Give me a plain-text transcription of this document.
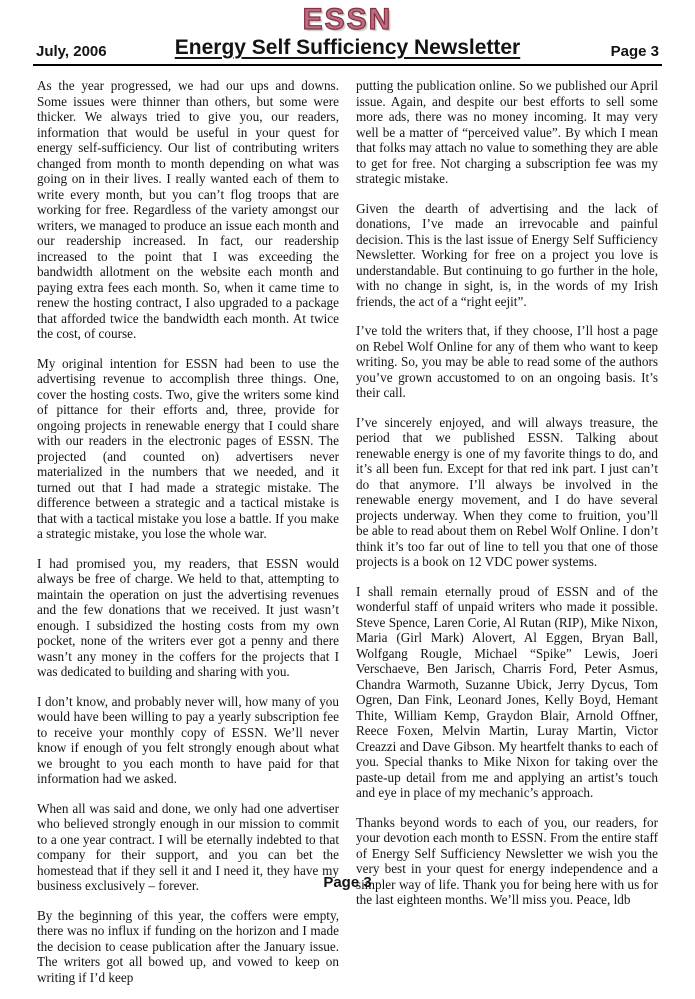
ESSN
July, 2006	Energy Self Sufficiency Newsletter	Page 3

As the year progressed, we had our ups and downs. Some issues were thinner than others, but some were thicker. We always tried to give you, our readers, information that would be useful in your quest for energy self-sufficiency. Our list of contributing writers changed from month to month depending on what was going on in their lives. I really wanted each of them to write every month, but you can’t flog troops that are working for free. Regardless of the variety amongst our writers, we managed to produce an issue each month and our readership increased. In fact, our readership increased to the point that I was exceeding the bandwidth allotment on the website each month and paying extra fees each month. So, when it came time to renew the hosting contract, I also upgraded to a package that afforded twice the bandwidth each month. At twice the cost, of course.

My original intention for ESSN had been to use the advertising revenue to accomplish three things. One, cover the hosting costs. Two, give the writers some kind of pittance for their efforts and, three, provide for ongoing projects in renewable energy that I could share with our readers in the electronic pages of ESSN. The projected (and counted on) advertisers never materialized in the numbers that we needed, and it turned out that I had made a strategic mistake. The difference between a strategic and a tactical mistake is that with a tactical mistake you lose a battle. If you make a strategic mistake, you lose the whole war.

I had promised you, my readers, that ESSN would always be free of charge. We held to that, attempting to maintain the operation on just the advertising revenues and the few donations that we received. It just wasn’t enough. I subsidized the hosting costs from my own pocket, none of the writers ever got a penny and there wasn’t any money in the coffers for the projects that I was dedicated to building and sharing with you.

I don’t know, and probably never will, how many of you would have been willing to pay a yearly subscription fee to receive your monthly copy of ESSN. We’ll never know if enough of you felt strongly enough about what we brought to you each month to have paid for that information had we asked.

When all was said and done, we only had one advertiser who believed strongly enough in our mission to commit to a one year contract. I will be eternally indebted to that company for their support, and you can bet the homestead that if they sell it and I need it, they have my business exclusively – forever.

By the beginning of this year, the coffers were empty, there was no influx if funding on the horizon and I made the decision to cease publication after the January issue. The writers got all bowed up, and vowed to keep on writing if I’d keep

putting the publication online. So we published our April issue. Again, and despite our best efforts to sell some more ads, there was no money incoming. It may very well be a matter of “perceived value”. By which I mean that folks may attach no value to something they are able to get for free. Not charging a subscription fee was my strategic mistake.

Given the dearth of advertising and the lack of donations, I’ve made an irrevocable and painful decision. This is the last issue of Energy Self Sufficiency Newsletter. Working for free on a project you love is understandable. But continuing to go further in the hole, with no change in sight, is, in the words of my Irish friends, the act of a “right eejit”.

I’ve told the writers that, if they choose, I’ll host a page on Rebel Wolf Online for any of them who want to keep writing. So, you may be able to read some of the authors you’ve grown accustomed to on an ongoing basis. It’s their call.

I’ve sincerely enjoyed, and will always treasure, the period that we published ESSN. Talking about renewable energy is one of my favorite things to do, and it’s all been fun. Except for that red ink part. I just can’t do that anymore. I’ll always be involved in the renewable energy movement, and I do have several projects underway. When they come to fruition, you’ll be able to read about them on Rebel Wolf Online. I don’t think it’s too far out of line to tell you that one of those projects is a book on 12 VDC power systems.

I shall remain eternally proud of ESSN and of the wonderful staff of unpaid writers who made it possible. Steve Spence, Laren Corie, Al Rutan (RIP), Mike Nixon, Maria (Girl Mark) Alovert, Al Eggen, Bryan Ball, Wolfgang Rougle, Michael “Spike” Lewis, Joeri Verschaeve, Ben Jarisch, Charris Ford, Peter Asmus, Chandra Warmoth, Suzanne Ubick, Jerry Dycus, Tom Ogren, Dan Fink, Leonard Jones, Kelly Boyd, Hemant Thite, William Kemp, Graydon Blair, Arnold Offner, Reece Foxen, Melvin Martin, Luray Martin, Victor Creazzi and Dave Gibson. My heartfelt thanks to each of you. Special thanks to Mike Nixon for taking over the paste-up detail from me and applying an artist’s touch and eye in place of my mechanic’s approach.

Thanks beyond words to each of you, our readers, for your devotion each month to ESSN. From the entire staff of Energy Self Sufficiency Newsletter we wish you the very best in your quest for energy independence and a simpler way of life. Thank you for being here with us for the last eighteen months. We’ll miss you. Peace, ldb

Page 3
